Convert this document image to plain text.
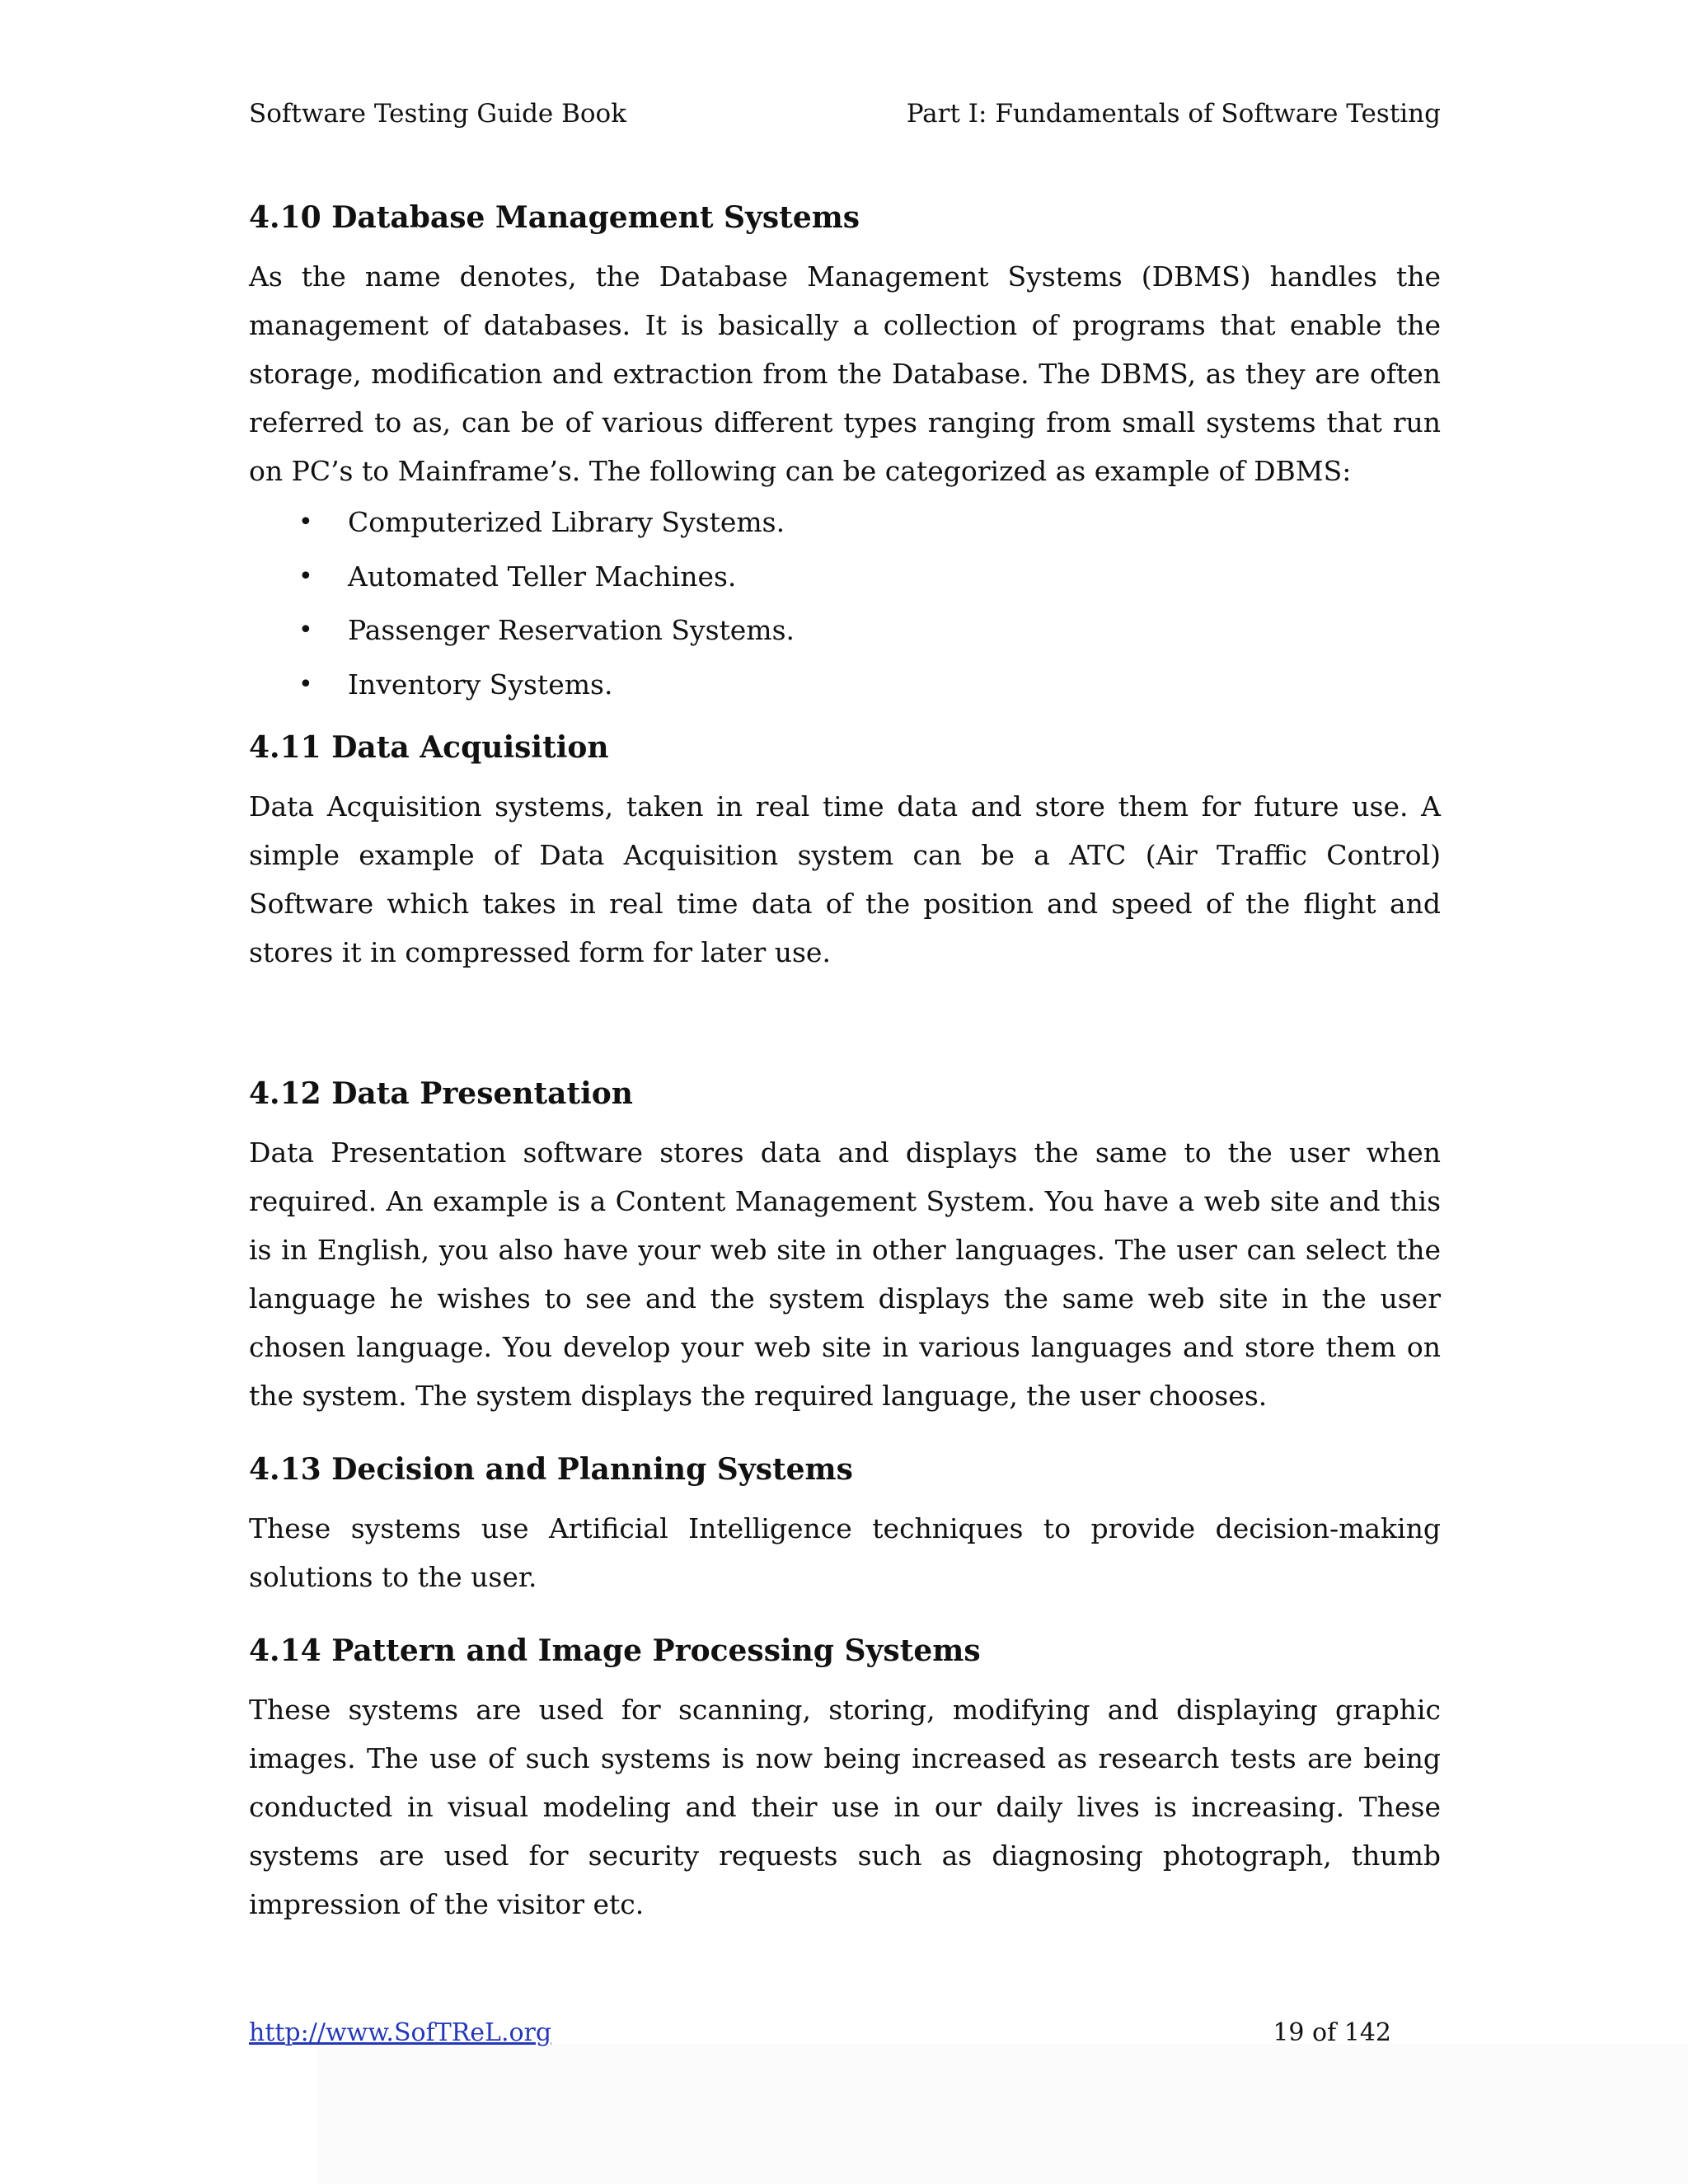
Software Testing Guide Book	Part I: Fundamentals of Software Testing
4.10 Database Management Systems

As the name denotes, the Database Management Systems (DBMS) handles the management of databases. It is basically a collection of programs that enable the storage, modification and extraction from the Database. The DBMS, as they are often referred to as, can be of various different types ranging from small systems that run on PC’s to Mainframe’s. The following can be categorized as example of DBMS:

•	Computerized Library Systems.
•	Automated Teller Machines.
•	Passenger Reservation Systems.
•	Inventory Systems.
4.11 Data Acquisition

Data Acquisition systems, taken in real time data and store them for future use. A simple example of Data Acquisition system can be a ATC (Air Traffic Control) Software which takes in real time data of the position and speed of the flight and stores it in compressed form for later use.

4.12 Data Presentation

Data Presentation software stores data and displays the same to the user when required. An example is a Content Management System. You have a web site and this is in English, you also have your web site in other languages. The user can select the language he wishes to see and the system displays the same web site in the user chosen language. You develop your web site in various languages and store them on the system. The system displays the required language, the user chooses.

4.13 Decision and Planning Systems

These systems use Artificial Intelligence techniques to provide decision-making solutions to the user.

4.14 Pattern and Image Processing Systems

These systems are used for scanning, storing, modifying and displaying graphic images. The use of such systems is now being increased as research tests are being conducted in visual modeling and their use in our daily lives is increasing. These systems are used for security requests such as diagnosing photograph, thumb impression of the visitor etc.

http://www.SofTReL.org	19 of 142
